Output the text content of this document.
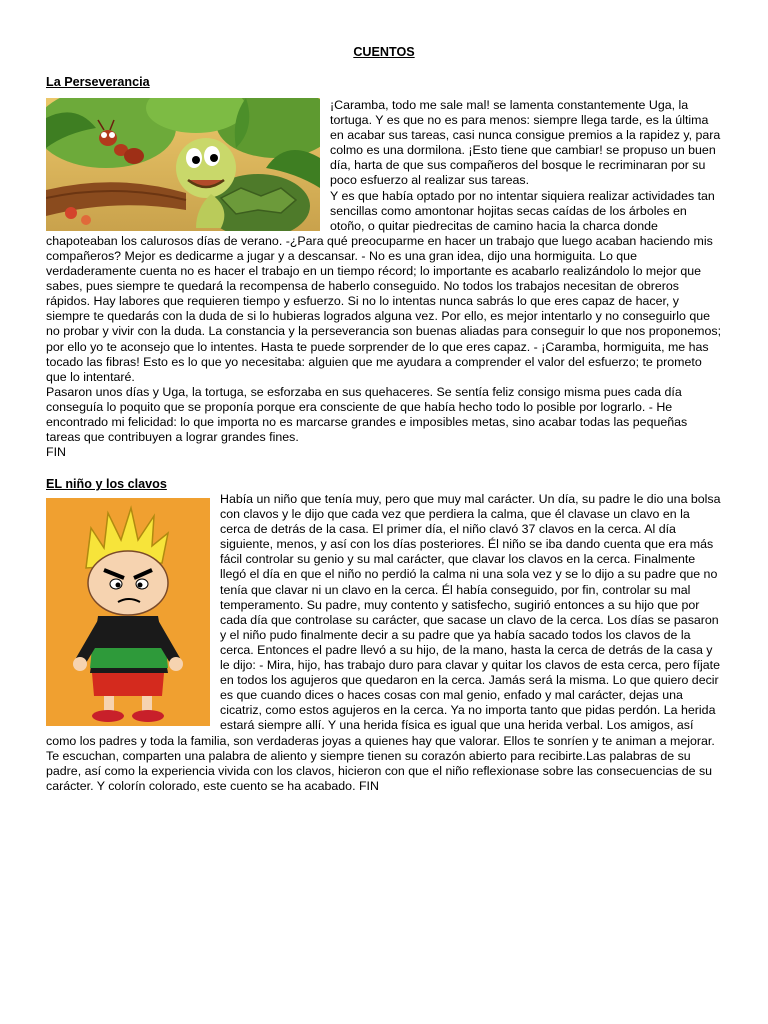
CUENTOS
La Perseverancia

¡Caramba, todo me sale mal! se lamenta constantemente Uga, la tortuga. Y es que no es para menos: siempre llega tarde, es la última en acabar sus tareas, casi nunca consigue premios a la rapidez y, para colmo es una dormilona. ¡Esto tiene que cambiar! se propuso un buen día, harta de que sus compañeros del bosque le recriminaran por su poco esfuerzo al realizar sus tareas.

Y es que había optado por no intentar siquiera realizar actividades tan sencillas como amontonar hojitas secas caídas de los árboles en otoño, o quitar piedrecitas de camino hacia la charca donde chapoteaban los calurosos días de verano. -¿Para qué preocuparme en hacer un trabajo que luego acaban haciendo mis compañeros? Mejor es dedicarme a jugar y a descansar. - No es una gran idea, dijo una hormiguita. Lo que verdaderamente cuenta no es hacer el trabajo en un tiempo récord; lo importante es acabarlo realizándolo lo mejor que sabes, pues siempre te quedará la recompensa de haberlo conseguido. No todos los trabajos necesitan de obreros rápidos. Hay labores que requieren tiempo y esfuerzo. Si no lo intentas nunca sabrás lo que eres capaz de hacer, y siempre te quedarás con la duda de si lo hubieras logrados alguna vez. Por ello, es mejor intentarlo y no conseguirlo que no probar y vivir con la duda. La constancia y la perseverancia son buenas aliadas para conseguir lo que nos proponemos; por ello yo te aconsejo que lo intentes. Hasta te puede sorprender de lo que eres capaz. - ¡Caramba, hormiguita, me has tocado las fibras! Esto es lo que yo necesitaba: alguien que me ayudara a comprender el valor del esfuerzo; te prometo que lo intentaré.

Pasaron unos días y Uga, la tortuga, se esforzaba en sus quehaceres. Se sentía feliz consigo misma pues cada día conseguía lo poquito que se proponía porque era consciente de que había hecho todo lo posible por lograrlo. - He encontrado mi felicidad: lo que importa no es marcarse grandes e imposibles metas, sino acabar todas las pequeñas tareas que contribuyen a lograr grandes fines.

FIN

EL niño y los clavos

Había un niño que tenía muy, pero que muy mal carácter. Un día, su padre le dio una bolsa con clavos y le dijo que cada vez que perdiera la calma, que él clavase un clavo en la cerca de detrás de la casa. El primer día, el niño clavó 37 clavos en la cerca. Al día siguiente, menos, y así con los días posteriores. Él niño se iba dando cuenta que era más fácil controlar su genio y su mal carácter, que clavar los clavos en la cerca. Finalmente llegó el día en que el niño no perdió la calma ni una sola vez y se lo dijo a su padre que no tenía que clavar ni un clavo en la cerca. Él había conseguido, por fin, controlar su mal temperamento. Su padre, muy contento y satisfecho, sugirió entonces a su hijo que por cada día que controlase su carácter, que sacase un clavo de la cerca. Los días se pasaron y el niño pudo finalmente decir a su padre que ya había sacado todos los clavos de la cerca. Entonces el padre llevó a su hijo, de la mano, hasta la cerca de detrás de la casa y le dijo: - Mira, hijo, has trabajo duro para clavar y quitar los clavos de esta cerca, pero fíjate en todos los agujeros que quedaron en la cerca. Jamás será la misma. Lo que quiero decir es que cuando dices o haces cosas con mal genio, enfado y mal carácter, dejas una cicatriz, como estos agujeros en la cerca. Ya no importa tanto que pidas perdón. La herida estará siempre allí. Y una herida física es igual que una herida verbal. Los amigos, así como los padres y toda la familia, son verdaderas joyas a quienes hay que valorar. Ellos te sonríen y te animan a mejorar. Te escuchan, comparten una palabra de aliento y siempre tienen su corazón abierto para recibirte.Las palabras de su padre, así como la experiencia vivida con los clavos, hicieron con que el niño reflexionase sobre las consecuencias de su carácter. Y colorín colorado, este cuento se ha acabado. FIN
